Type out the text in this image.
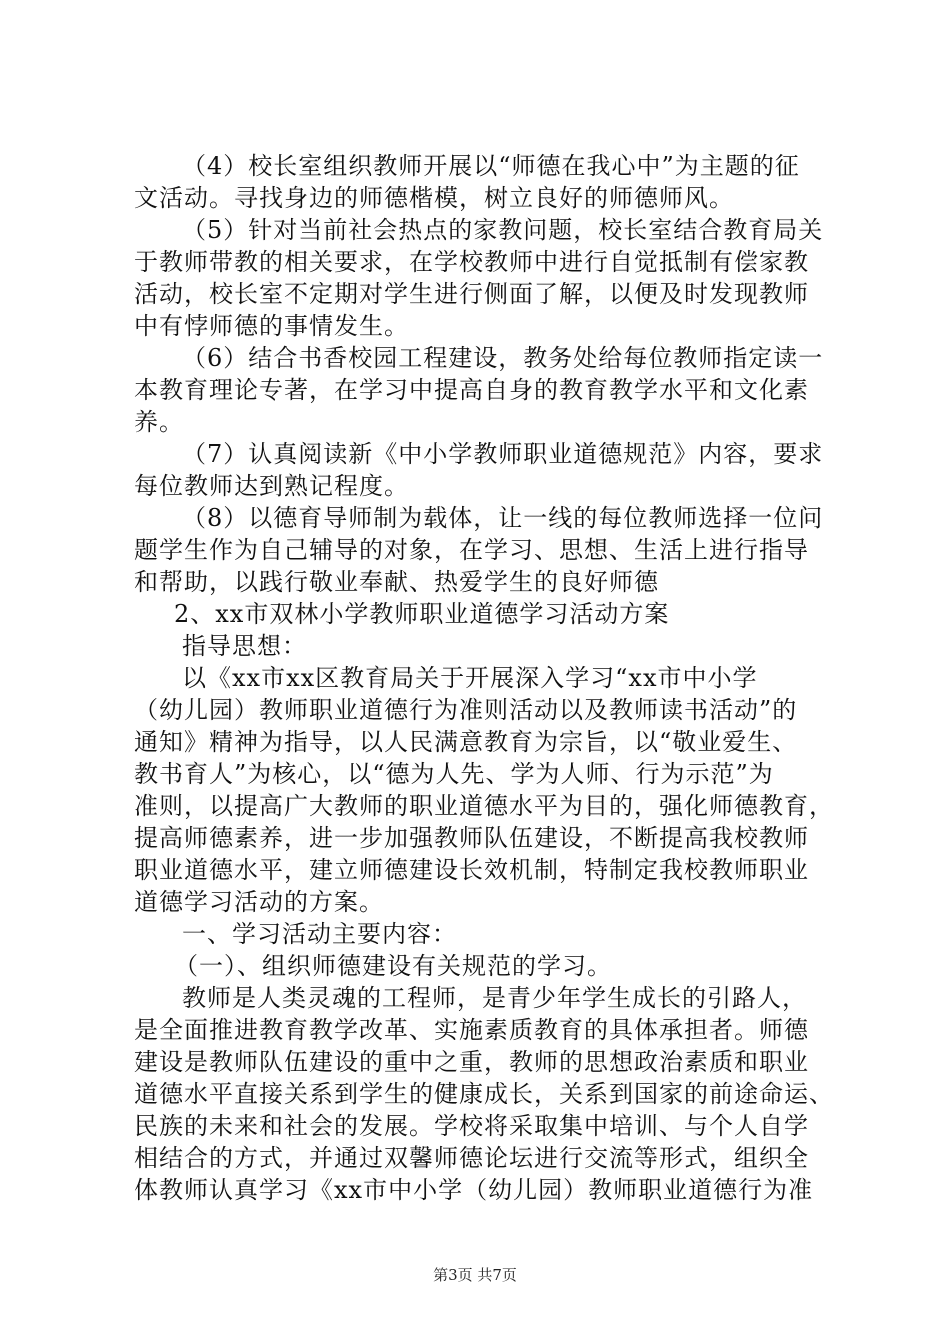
（4）校长室组织教师开展以“师德在我心中”为主题的征
文活动。寻找身边的师德楷模，树立良好的师德师风。
（5）针对当前社会热点的家教问题，校长室结合教育局关
于教师带教的相关要求，在学校教师中进行自觉抵制有偿家教
活动，校长室不定期对学生进行侧面了解，以便及时发现教师
中有悖师德的事情发生。
（6）结合书香校园工程建设，教务处给每位教师指定读一
本教育理论专著，在学习中提高自身的教育教学水平和文化素
养。
（7）认真阅读新《中小学教师职业道德规范》内容，要求
每位教师达到熟记程度。
（8）以德育导师制为载体，让一线的每位教师选择一位问
题学生作为自己辅导的对象，在学习、思想、生活上进行指导
和帮助，以践行敬业奉献、热爱学生的良好师德
2、xx市双林小学教师职业道德学习活动方案
指导思想：
以《xx市xx区教育局关于开展深入学习“xx市中小学
（幼儿园）教师职业道德行为准则活动以及教师读书活动”的
通知》精神为指导，以人民满意教育为宗旨，以“敬业爱生、
教书育人”为核心，以“德为人先、学为人师、行为示范”为
准则，以提高广大教师的职业道德水平为目的，强化师德教育，
提高师德素养，进一步加强教师队伍建设，不断提高我校教师
职业道德水平，建立师德建设长效机制，特制定我校教师职业
道德学习活动的方案。
一、学习活动主要内容：
（一）、组织师德建设有关规范的学习。
教师是人类灵魂的工程师，是青少年学生成长的引路人，
是全面推进教育教学改革、实施素质教育的具体承担者。师德
建设是教师队伍建设的重中之重，教师的思想政治素质和职业
道德水平直接关系到学生的健康成长，关系到国家的前途命运、
民族的未来和社会的发展。学校将采取集中培训、与个人自学
相结合的方式，并通过双馨师德论坛进行交流等形式，组织全
体教师认真学习《xx市中小学（幼儿园）教师职业道德行为准
第3页 共7页
